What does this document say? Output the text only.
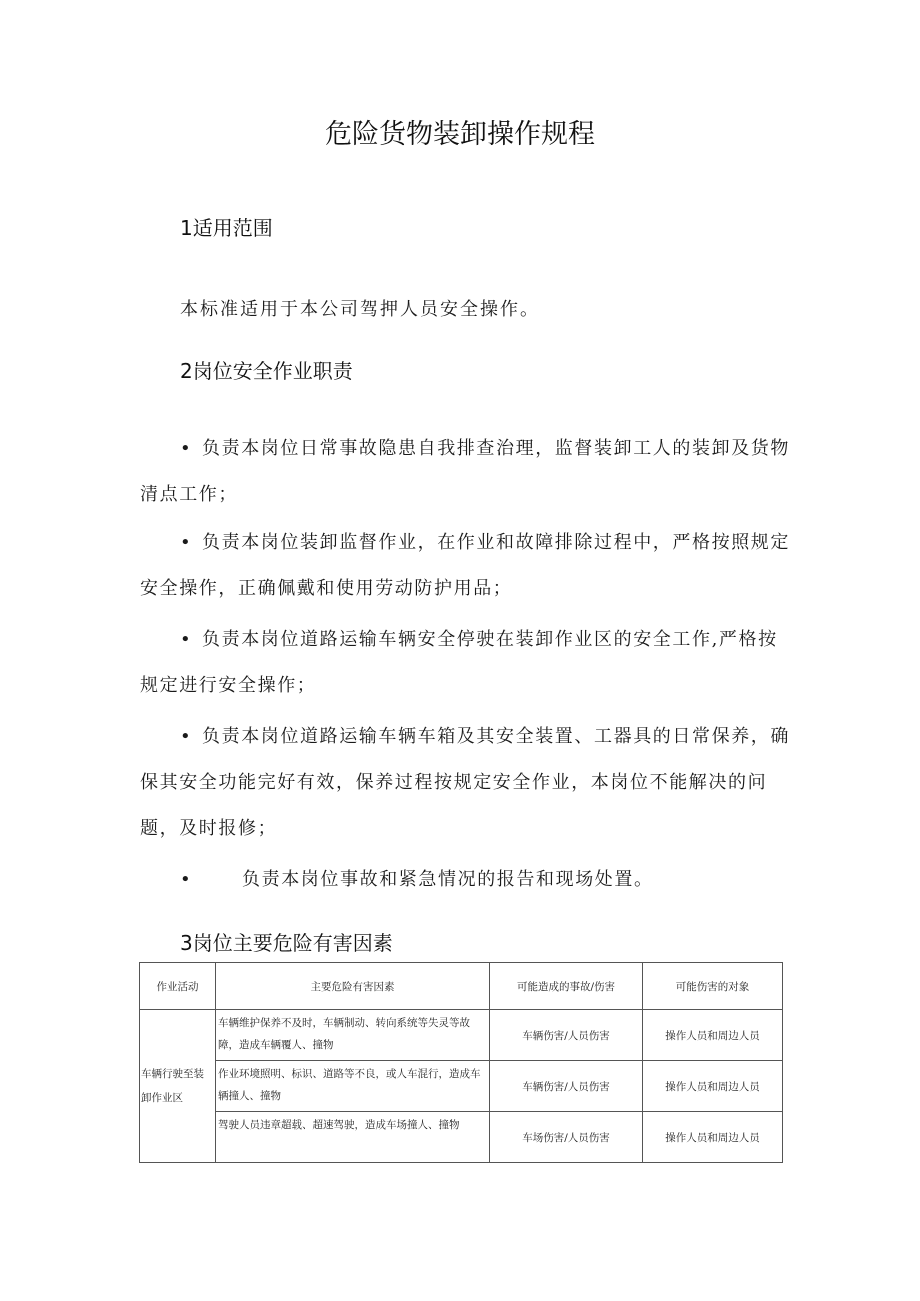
危险货物装卸操作规程
1适用范围
本标准适用于本公司驾押人员安全操作。
2岗位安全作业职责
• 负责本岗位日常事故隐患自我排查治理，监督装卸工人的装卸及货物清点工作；
• 负责本岗位装卸监督作业，在作业和故障排除过程中，严格按照规定安全操作，正确佩戴和使用劳动防护用品；
• 负责本岗位道路运输车辆安全停驶在装卸作业区的安全工作,严格按规定进行安全操作；
• 负责本岗位道路运输车辆车箱及其安全装置、工器具的日常保养，确保其安全功能完好有效，保养过程按规定安全作业，本岗位不能解决的问题，及时报修；
•	负责本岗位事故和紧急情况的报告和现场处置。
3岗位主要危险有害因素
作业活动	主要危险有害因素	可能造成的事故/伤害	可能伤害的对象
车辆行驶至装卸作业区	车辆维护保养不及时，车辆制动、转向系统等失灵等故障，造成车辆覆人、撞物	车辆伤害/人员伤害	操作人员和周边人员
	作业环境照明、标识、道路等不良，或人车混行，造成车辆撞人、撞物	车辆伤害/人员伤害	操作人员和周边人员
	驾驶人员违章超载、超速驾驶，造成车场撞人、撞物	车场伤害/人员伤害	操作人员和周边人员
